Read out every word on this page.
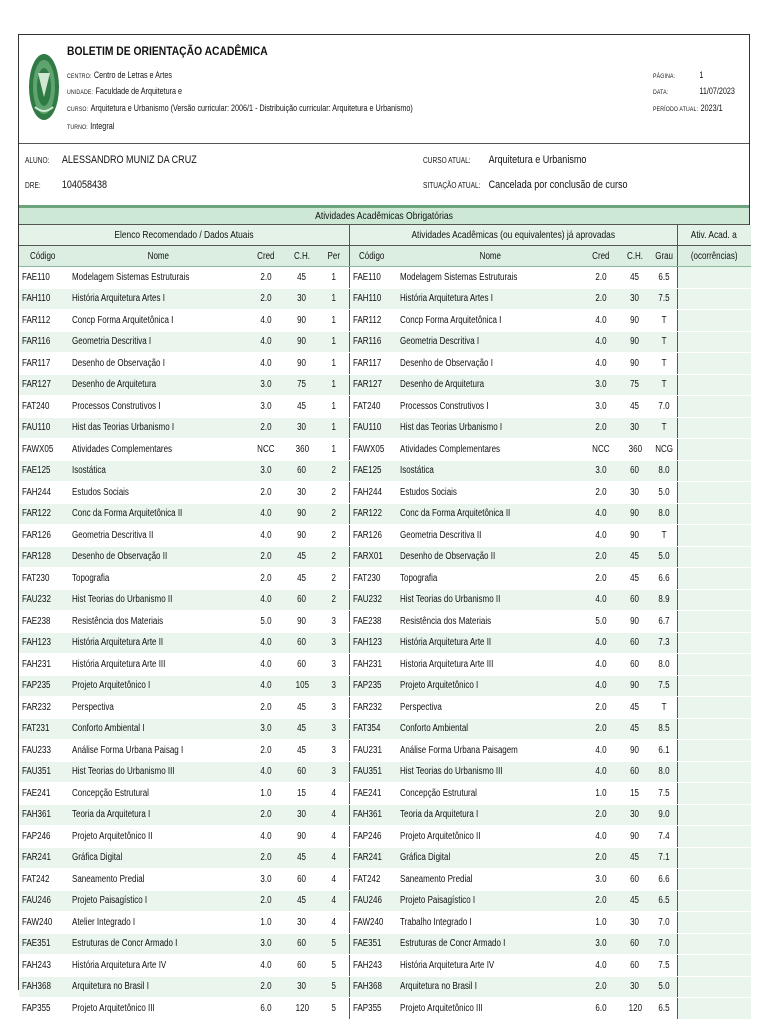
BOLETIM DE ORIENTAÇÃO ACADÊMICA
CENTRO: Centro de Letras e Artes
UNIDADE: Faculdade de Arquitetura e
CURSO: Arquitetura e Urbanismo (Versão curricular: 2006/1 - Distribuição curricular: Arquitetura e Urbanismo)
TURNO: Integral
PÁGINA:	1
DATA:	11/07/2023
PERÍODO ATUAL: 2023/1
ALUNO: ALESSANDRO MUNIZ DA CRUZ
DRE: 104058438
CURSO ATUAL: Arquitetura e Urbanismo
SITUAÇÃO ATUAL: Cancelada por conclusão de curso
Atividades Acadêmicas Obrigatórias
Elenco Recomendado / Dados Atuais					Atividades Acadêmicas (ou equivalentes) já aprovadas					Ativ. Acad. a
Código	Nome	Cred	C.H.	Per	Código	Nome	Cred	C.H.	Grau	(ocorrências)
FAE110	Modelagem Sistemas Estruturais	2.0	45	1	FAE110	Modelagem Sistemas Estruturais	2.0	45	6.5	
FAH110	História Arquitetura Artes I	2.0	30	1	FAH110	História Arquitetura Artes I	2.0	30	7.5	
FAR112	Concp Forma Arquitetônica I	4.0	90	1	FAR112	Concp Forma Arquitetônica I	4.0	90	T	
FAR116	Geometria Descritiva I	4.0	90	1	FAR116	Geometria Descritiva I	4.0	90	T	
FAR117	Desenho de Observação I	4.0	90	1	FAR117	Desenho de Observação I	4.0	90	T	
FAR127	Desenho de Arquitetura	3.0	75	1	FAR127	Desenho de Arquitetura	3.0	75	T	
FAT240	Processos Construtivos I	3.0	45	1	FAT240	Processos Construtivos I	3.0	45	7.0	
FAU110	Hist das Teorias Urbanismo I	2.0	30	1	FAU110	Hist das Teorias Urbanismo I	2.0	30	T	
FAWX05	Atividades Complementares	NCC	360	1	FAWX05	Atividades Complementares	NCC	360	NCG	
FAE125	Isostática	3.0	60	2	FAE125	Isostática	3.0	60	8.0	
FAH244	Estudos Sociais	2.0	30	2	FAH244	Estudos Sociais	2.0	30	5.0	
FAR122	Conc da Forma Arquitetônica II	4.0	90	2	FAR122	Conc da Forma Arquitetônica II	4.0	90	8.0	
FAR126	Geometria Descritiva II	4.0	90	2	FAR126	Geometria Descritiva II	4.0	90	T	
FAR128	Desenho de Observação II	2.0	45	2	FARX01	Desenho de Observação II	2.0	45	5.0	
FAT230	Topografia	2.0	45	2	FAT230	Topografia	2.0	45	6.6	
FAU232	Hist Teorias do Urbanismo II	4.0	60	2	FAU232	Hist Teorias do Urbanismo II	4.0	60	8.9	
FAE238	Resistência dos Materiais	5.0	90	3	FAE238	Resistência dos Materiais	5.0	90	6.7	
FAH123	História Arquitetura Arte II	4.0	60	3	FAH123	História Arquitetura Arte II	4.0	60	7.3	
FAH231	História Arquitetura Arte III	4.0	60	3	FAH231	Historia Arquitetura Arte III	4.0	60	8.0	
FAP235	Projeto Arquitetônico I	4.0	105	3	FAP235	Projeto Arquitetônico I	4.0	90	7.5	
FAR232	Perspectiva	2.0	45	3	FAR232	Perspectiva	2.0	45	T	
FAT231	Conforto Ambiental I	3.0	45	3	FAT354	Conforto Ambiental	2.0	45	8.5	
FAU233	Análise Forma Urbana Paisag I	2.0	45	3	FAU231	Análise Forma Urbana Paisagem	4.0	90	6.1	
FAU351	Hist Teorias do Urbanismo III	4.0	60	3	FAU351	Hist Teorias do Urbanismo III	4.0	60	8.0	
FAE241	Concepção Estrutural	1.0	15	4	FAE241	Concepção Estrutural	1.0	15	7.5	
FAH361	Teoria da Arquitetura I	2.0	30	4	FAH361	Teoria da Arquitetura I	2.0	30	9.0	
FAP246	Projeto Arquitetônico II	4.0	90	4	FAP246	Projeto Arquitetônico II	4.0	90	7.4	
FAR241	Gráfica Digital	2.0	45	4	FAR241	Gráfica Digital	2.0	45	7.1	
FAT242	Saneamento Predial	3.0	60	4	FAT242	Saneamento Predial	3.0	60	6.6	
FAU246	Projeto Paisagístico I	2.0	45	4	FAU246	Projeto Paisagístico I	2.0	45	6.5	
FAW240	Atelier Integrado I	1.0	30	4	FAW240	Trabalho Integrado I	1.0	30	7.0	
FAE351	Estruturas de Concr Armado I	3.0	60	5	FAE351	Estruturas de Concr Armado I	3.0	60	7.0	
FAH243	História Arquitetura Arte IV	4.0	60	5	FAH243	História Arquitetura Arte IV	4.0	60	7.5	
FAH368	Arquitetura no Brasil I	2.0	30	5	FAH368	Arquitetura no Brasil I	2.0	30	5.0	
FAP355	Projeto Arquitetônico III	6.0	120	5	FAP355	Projeto Arquitetônico III	6.0	120	6.5	
